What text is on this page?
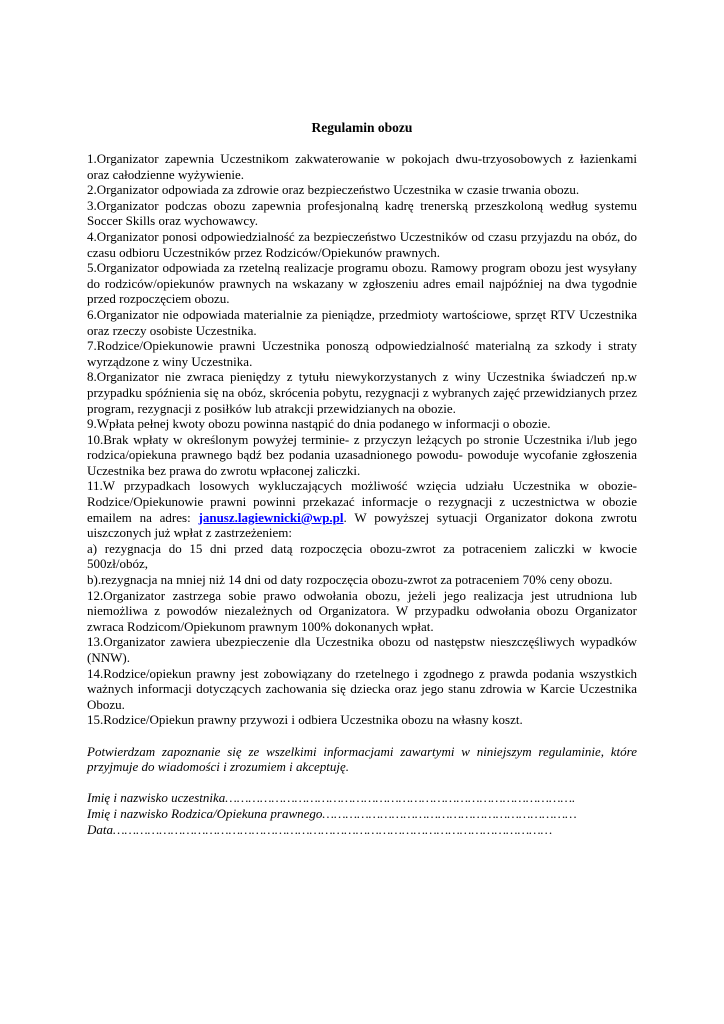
Regulamin obozu

1.Organizator zapewnia Uczestnikom zakwaterowanie w pokojach dwu-trzyosobowych z łazienkami oraz całodzienne wyżywienie.

2.Organizator odpowiada za zdrowie oraz bezpieczeństwo Uczestnika w czasie trwania obozu.

3.Organizator podczas obozu zapewnia profesjonalną kadrę trenerską przeszkoloną według systemu Soccer Skills oraz wychowawcy.

4.Organizator ponosi odpowiedzialność za bezpieczeństwo Uczestników od czasu przyjazdu na obóz, do czasu odbioru Uczestników przez Rodziców/Opiekunów prawnych.

5.Organizator odpowiada za rzetelną realizacje programu obozu. Ramowy program obozu jest wysyłany do rodziców/opiekunów prawnych na wskazany w zgłoszeniu adres email najpóźniej na dwa tygodnie przed rozpoczęciem obozu.

6.Organizator nie odpowiada materialnie za pieniądze, przedmioty wartościowe, sprzęt RTV Uczestnika oraz rzeczy osobiste Uczestnika.

7.Rodzice/Opiekunowie prawni Uczestnika ponoszą odpowiedzialność materialną za szkody i straty wyrządzone z winy Uczestnika.

8.Organizator nie zwraca pieniędzy z tytułu niewykorzystanych z winy Uczestnika świadczeń np.w przypadku spóźnienia się na obóz, skrócenia pobytu, rezygnacji z wybranych zajęć przewidzianych przez program, rezygnacji z posiłków lub atrakcji przewidzianych na obozie.

9.Wpłata pełnej kwoty obozu powinna nastąpić do dnia podanego w informacji o obozie.

10.Brak wpłaty w określonym powyżej terminie- z przyczyn leżących po stronie Uczestnika i/lub jego rodzica/opiekuna prawnego bądź bez podania uzasadnionego powodu- powoduje wycofanie zgłoszenia Uczestnika bez prawa do zwrotu wpłaconej zaliczki.

11.W przypadkach losowych wykluczających możliwość wzięcia udziału Uczestnika w obozie- Rodzice/Opiekunowie prawni powinni przekazać informacje o rezygnacji z uczestnictwa w obozie emailem na adres: janusz.lagiewnicki@wp.pl. W powyższej sytuacji Organizator dokona zwrotu uiszczonych już wpłat z zastrzeżeniem:

a) rezygnacja do 15 dni przed datą rozpoczęcia obozu-zwrot za potraceniem zaliczki w kwocie 500zł/obóz,

b).rezygnacja na mniej niż 14 dni od daty rozpoczęcia obozu-zwrot za potraceniem 70% ceny obozu.

12.Organizator zastrzega sobie prawo odwołania obozu, jeżeli jego realizacja jest utrudniona lub niemożliwa z powodów niezależnych od Organizatora. W przypadku odwołania obozu Organizator zwraca Rodzicom/Opiekunom prawnym 100% dokonanych wpłat.

13.Organizator zawiera ubezpieczenie dla Uczestnika obozu od następstw nieszczęśliwych wypadków (NNW).

14.Rodzice/opiekun prawny jest zobowiązany do rzetelnego i zgodnego z prawda podania wszystkich ważnych informacji dotyczących zachowania się dziecka oraz jego stanu zdrowia w Karcie Uczestnika Obozu.

15.Rodzice/Opiekun prawny przywozi i odbiera Uczestnika obozu na własny koszt.

Potwierdzam zapoznanie się ze wszelkimi informacjami zawartymi w niniejszym regulaminie, które przyjmuje do wiadomości i zrozumiem i akceptuję.

Imię i nazwisko uczestnika……………………………………………………………………………….
Imię i nazwisko Rodzica/Opiekuna prawnego…………………………………………………………
Data……………………………………………………………………………………………………
